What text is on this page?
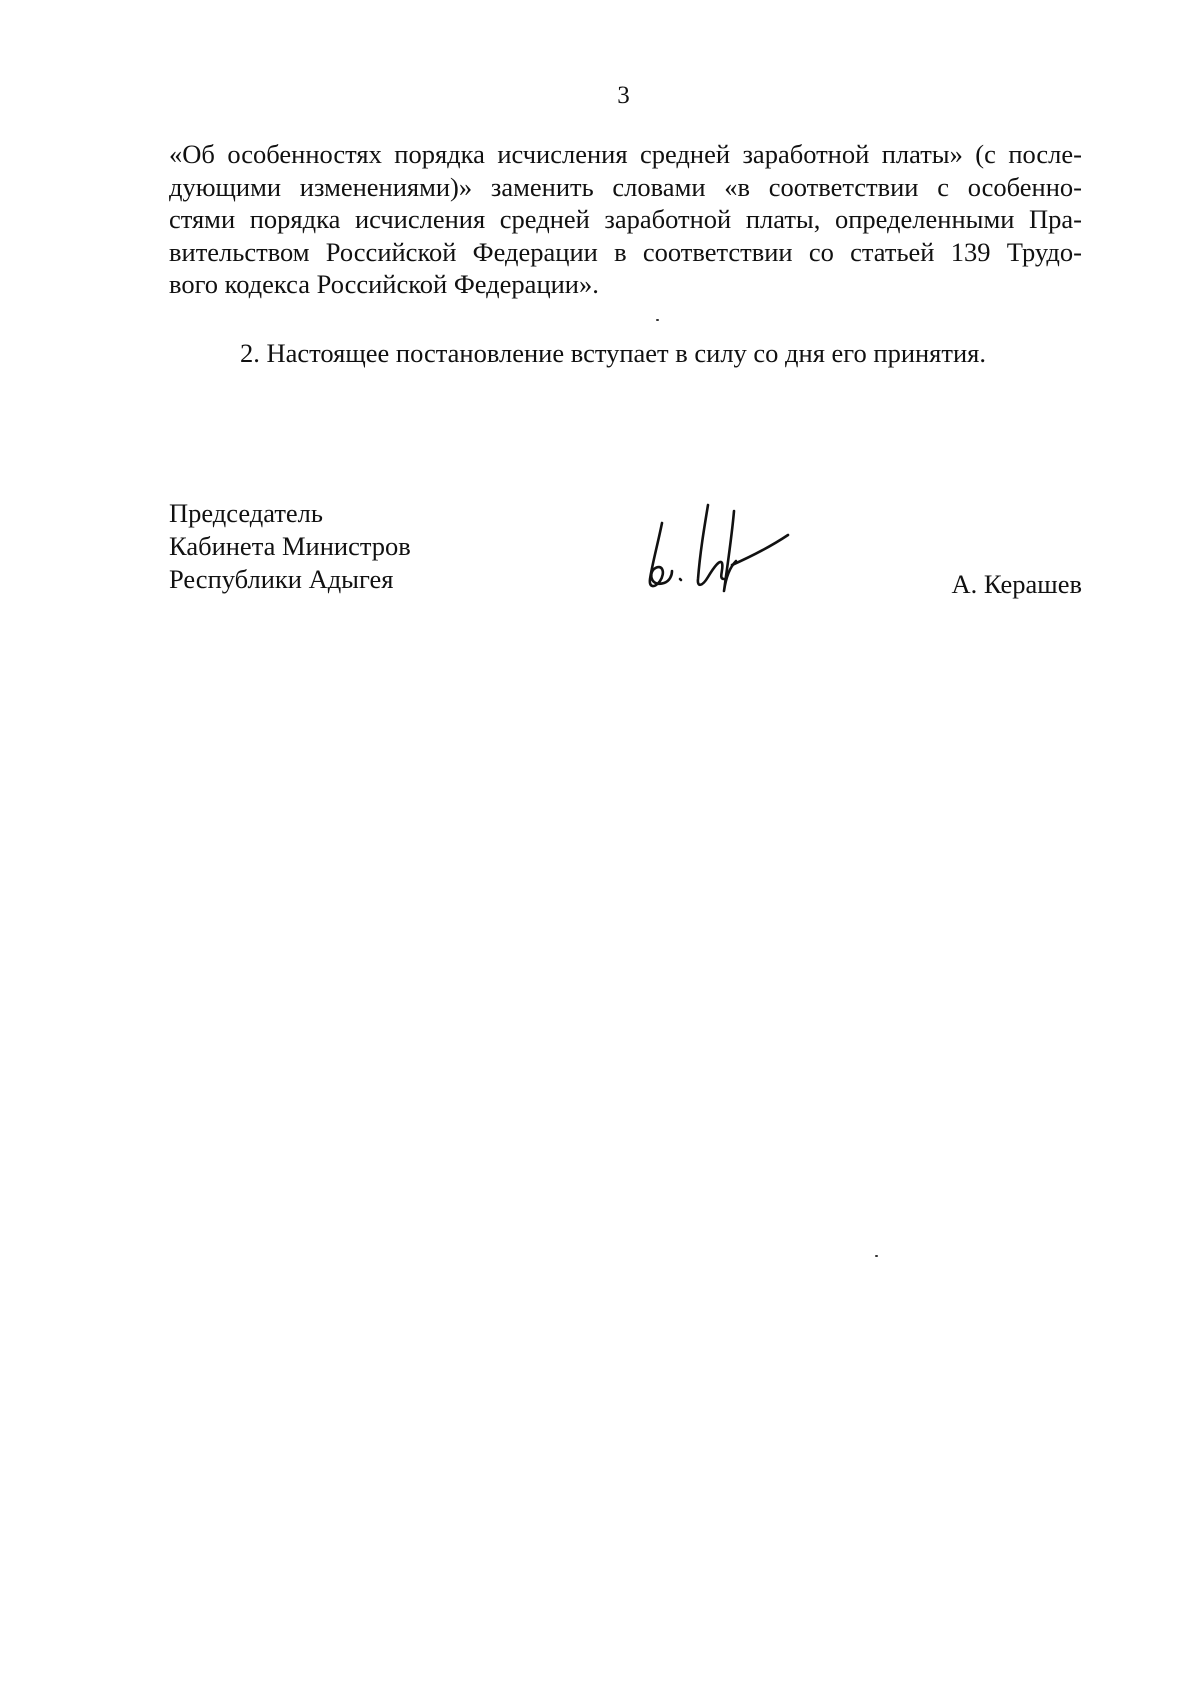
3
«Об особенностях порядка исчисления средней заработной платы» (с после-
дующими изменениями)» заменить словами «в соответствии с особенно-
стями порядка исчисления средней заработной платы, определенными Пра-
вительством Российской Федерации в соответствии со статьей 139 Трудо-
вого кодекса Российской Федерации».

2. Настоящее постановление вступает в силу со дня его принятия.

Председатель
Кабинета Министров
Республики Адыгея	А. Керашев
